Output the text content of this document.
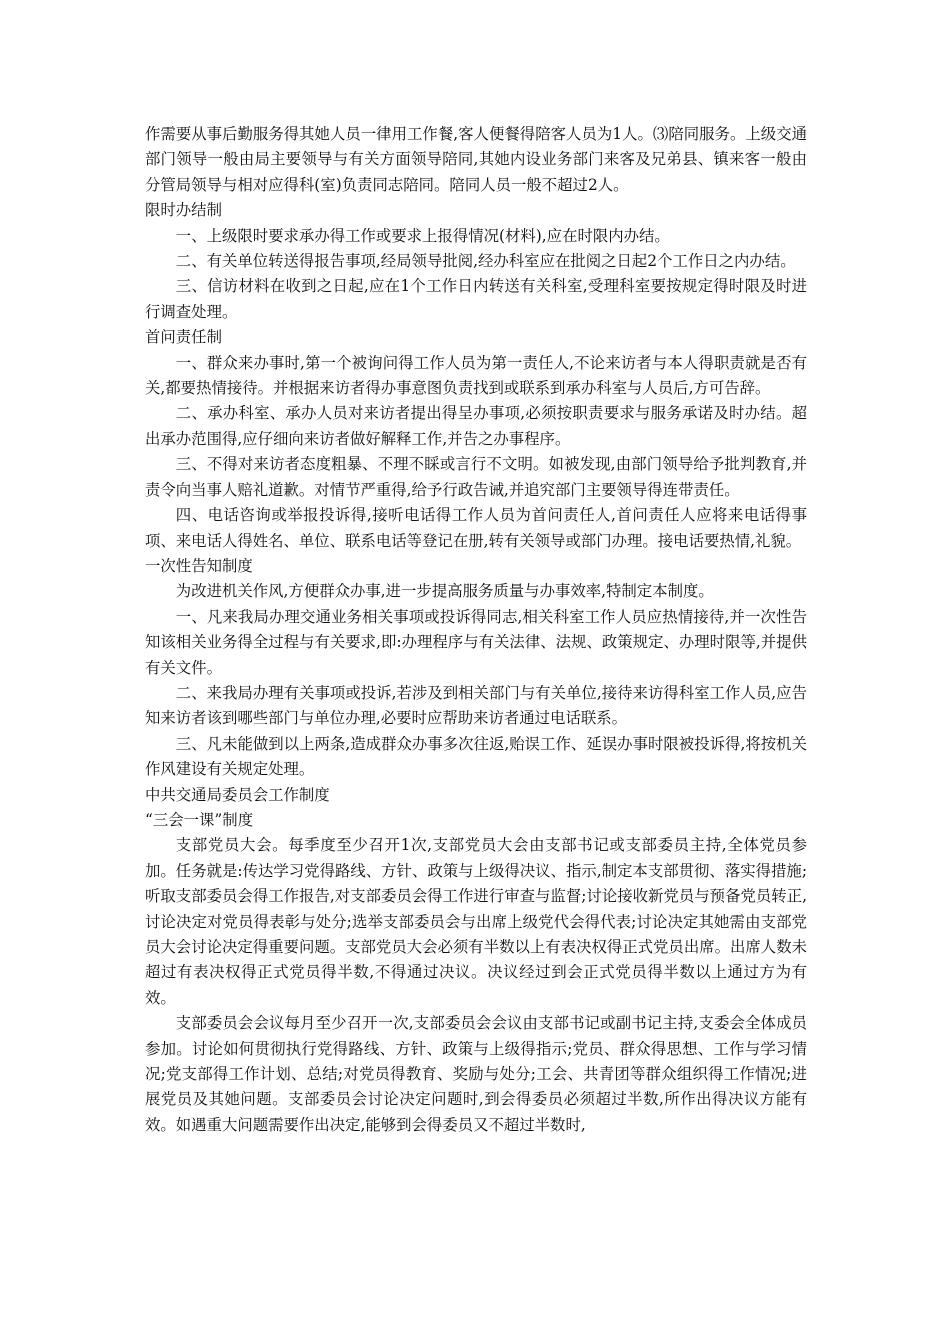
作需要从事后勤服务得其她人员一律用工作餐,客人便餐得陪客人员为1人。⑶陪同服务。上级交通部门领导一般由局主要领导与有关方面领导陪同,其她内设业务部门来客及兄弟县、镇来客一般由分管局领导与相对应得科(室)负责同志陪同。陪同人员一般不超过2人。

限时办结制

一、上级限时要求承办得工作或要求上报得情况(材料),应在时限内办结。

二、有关单位转送得报告事项,经局领导批阅,经办科室应在批阅之日起2个工作日之内办结。

三、信访材料在收到之日起,应在1个工作日内转送有关科室,受理科室要按规定得时限及时进行调查处理。

首问责任制

一、群众来办事时,第一个被询问得工作人员为第一责任人,不论来访者与本人得职责就是否有关,都要热情接待。并根据来访者得办事意图负责找到或联系到承办科室与人员后,方可告辞。

二、承办科室、承办人员对来访者提出得呈办事项,必须按职责要求与服务承诺及时办结。超出承办范围得,应仔细向来访者做好解释工作,并告之办事程序。

三、不得对来访者态度粗暴、不理不睬或言行不文明。如被发现,由部门领导给予批判教育,并责令向当事人赔礼道歉。对情节严重得,给予行政告诫,并追究部门主要领导得连带责任。

四、电话咨询或举报投诉得,接听电话得工作人员为首问责任人,首问责任人应将来电话得事项、来电话人得姓名、单位、联系电话等登记在册,转有关领导或部门办理。接电话要热情,礼貌。

一次性告知制度

为改进机关作风,方便群众办事,进一步提高服务质量与办事效率,特制定本制度。

一、凡来我局办理交通业务相关事项或投诉得同志,相关科室工作人员应热情接待,并一次性告知该相关业务得全过程与有关要求,即:办理程序与有关法律、法规、政策规定、办理时限等,并提供有关文件。

二、来我局办理有关事项或投诉,若涉及到相关部门与有关单位,接待来访得科室工作人员,应告知来访者该到哪些部门与单位办理,必要时应帮助来访者通过电话联系。

三、凡未能做到以上两条,造成群众办事多次往返,贻误工作、延误办事时限被投诉得,将按机关作风建设有关规定处理。

中共交通局委员会工作制度

“三会一课”制度

支部党员大会。每季度至少召开1次,支部党员大会由支部书记或支部委员主持,全体党员参加。任务就是:传达学习党得路线、方针、政策与上级得决议、指示,制定本支部贯彻、落实得措施;听取支部委员会得工作报告,对支部委员会得工作进行审查与监督;讨论接收新党员与预备党员转正,讨论决定对党员得表彰与处分;选举支部委员会与出席上级党代会得代表;讨论决定其她需由支部党员大会讨论决定得重要问题。支部党员大会必须有半数以上有表决权得正式党员出席。出席人数未超过有表决权得正式党员得半数,不得通过决议。决议经过到会正式党员得半数以上通过方为有效。

支部委员会会议每月至少召开一次,支部委员会会议由支部书记或副书记主持,支委会全体成员参加。讨论如何贯彻执行党得路线、方针、政策与上级得指示;党员、群众得思想、工作与学习情况;党支部得工作计划、总结;对党员得教育、奖励与处分;工会、共青团等群众组织得工作情况;进展党员及其她问题。支部委员会讨论决定问题时,到会得委员必须超过半数,所作出得决议方能有效。如遇重大问题需要作出决定,能够到会得委员又不超过半数时,
